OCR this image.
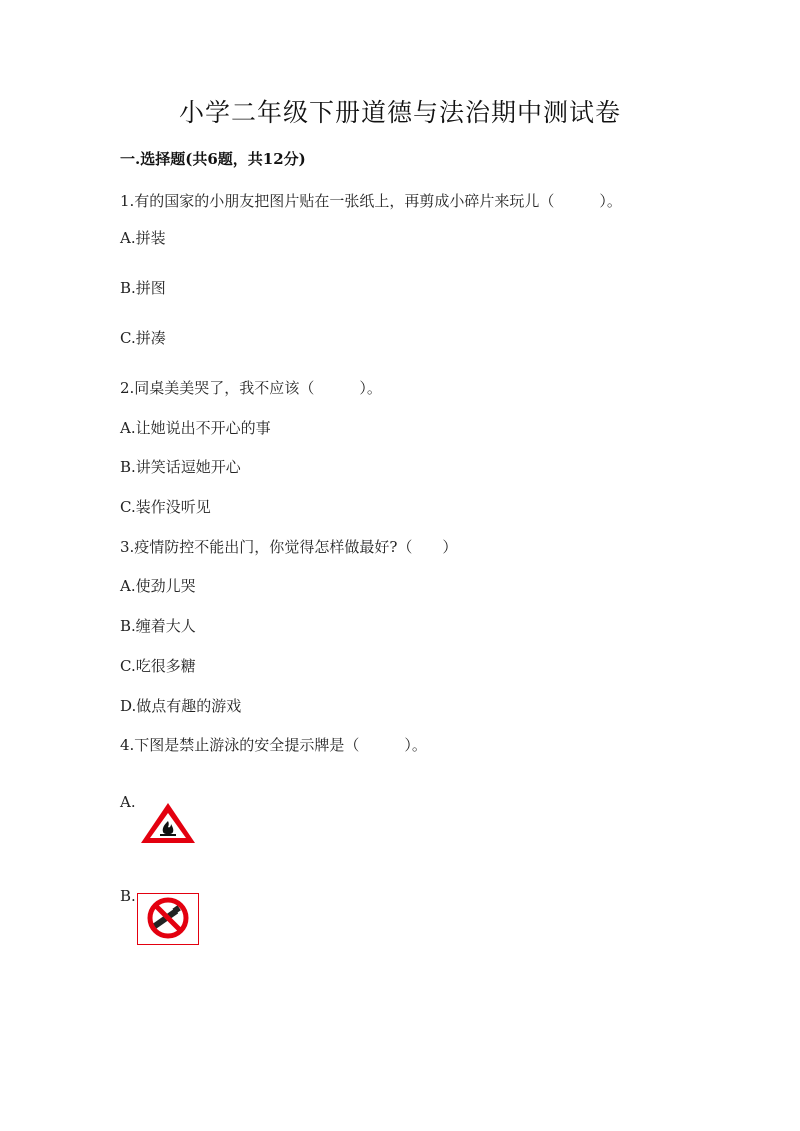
小学二年级下册道德与法治期中测试卷
一.选择题(共6题，共12分)
1.有的国家的小朋友把图片贴在一张纸上，再剪成小碎片来玩儿（　　　）。
A.拼装
B.拼图
C.拼凑
2.同桌美美哭了，我不应该（　　　）。
A.让她说出不开心的事
B.讲笑话逗她开心
C.装作没听见
3.疫情防控不能出门，你觉得怎样做最好?（　　）
A.使劲儿哭
B.缠着大人
C.吃很多糖
D.做点有趣的游戏
4.下图是禁止游泳的安全提示牌是（　　　）。
A.
B.
